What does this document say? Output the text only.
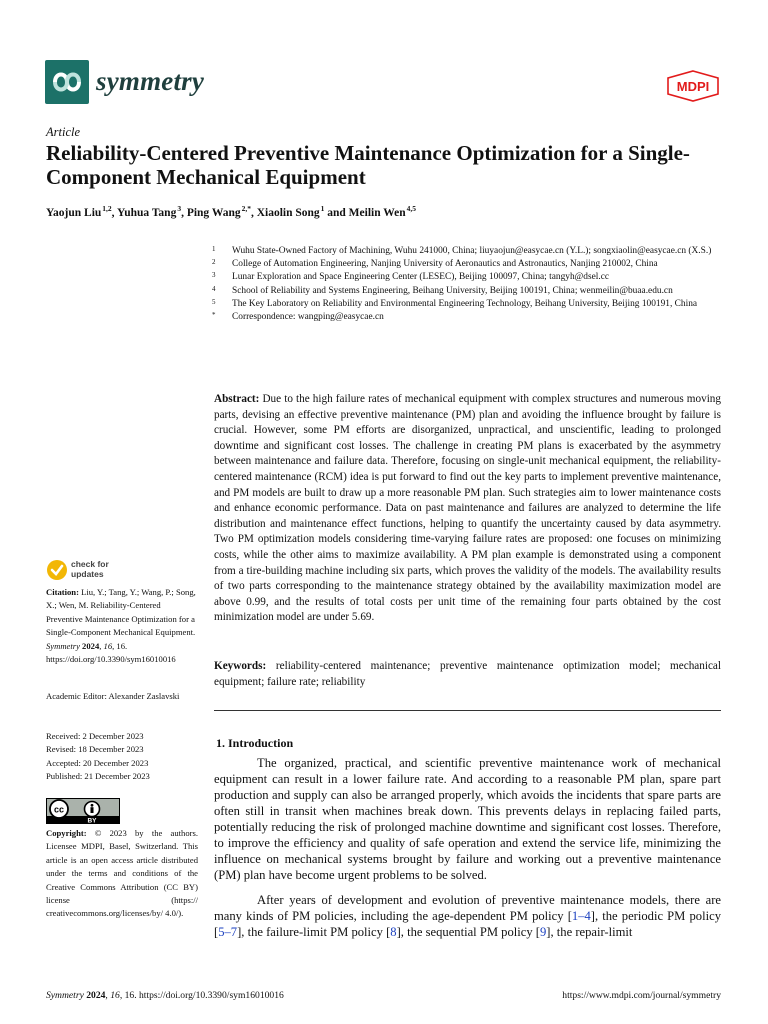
symmetry	MDPI
Article
Reliability-Centered Preventive Maintenance Optimization for a Single-Component Mechanical Equipment
Yaojun Liu $^{1,2}$, Yuhua Tang $^3$, Ping Wang $^{2,*}$, Xiaolin Song $^1$ and Meilin Wen $^{4,5}$
1	Wuhu State-Owned Factory of Machining, Wuhu 241000, China; liuyaojun@easycae.cn (Y.L.); songxiaolin@easycae.cn (X.S.)
2	College of Automation Engineering, Nanjing University of Aeronautics and Astronautics, Nanjing 210002, China
3	Lunar Exploration and Space Engineering Center (LESEC), Beijing 100097, China; tangyh@dsel.cc
4	School of Reliability and Systems Engineering, Beihang University, Beijing 100191, China; wenmeilin@buaa.edu.cn
5	The Key Laboratory on Reliability and Environmental Engineering Technology, Beihang University, Beijing 100191, China
*	Correspondence: wangping@easycae.cn
Abstract: Due to the high failure rates of mechanical equipment with complex structures and numerous moving parts, devising an effective preventive maintenance (PM) plan and avoiding the influence brought by failure is crucial. However, some PM efforts are disorganized, unpractical, and unscientific, leading to prolonged downtime and significant cost losses. The challenge in creating PM plans is exacerbated by the asymmetry between maintenance and failure data. Therefore, focusing on single-unit mechanical equipment, the reliability-centered maintenance (RCM) idea is put forward to find out the key parts to implement preventive maintenance, and PM models are built to draw up a more reasonable PM plan. Such strategies aim to lower maintenance costs and enhance economic performance. Data on past maintenance and failures are analyzed to determine the life distribution and maintenance effect functions, helping to quantify the uncertainty caused by data asymmetry. Two PM optimization models considering time-varying failure rates are proposed: one focuses on minimizing costs, while the other aims to maximize availability. A PM plan example is demonstrated using a component from a tire-building machine including six parts, which proves the validity of the models. The availability results of two parts corresponding to the maintenance strategy obtained by the availability maximization model are above 0.99, and the results of total costs per unit time of the remaining four parts obtained by the cost minimization model are under 5.69.
Keywords: reliability-centered maintenance; preventive maintenance optimization model; mechanical equipment; failure rate; reliability
check for
updates
Citation: Liu, Y.; Tang, Y.; Wang, P.; Song, X.; Wen, M. Reliability-Centered Preventive Maintenance Optimization for a Single-Component Mechanical Equipment. Symmetry 2024, 16, 16. https://doi.org/10.3390/sym16010016
Academic Editor: Alexander Zaslavski
Received: 2 December 2023
Revised: 18 December 2023
Accepted: 20 December 2023
Published: 21 December 2023
cc
BY
Copyright: © 2023 by the authors. Licensee MDPI, Basel, Switzerland. This article is an open access article distributed under the terms and conditions of the Creative Commons Attribution (CC BY) license (https:// creativecommons.org/licenses/by/ 4.0/).
1. Introduction
The organized, practical, and scientific preventive maintenance work of mechanical equipment can result in a lower failure rate. And according to a reasonable PM plan, spare part production and supply can also be arranged properly, which avoids the incidents that spare parts are often still in transit when machines break down. This prevents delays in replacing failed parts, potentially reducing the risk of prolonged machine downtime and significant cost losses. Therefore, to improve the efficiency and quality of safe operation and extend the service life, minimizing the influence on mechanical systems brought by failure and working out a preventive maintenance (PM) plan have become urgent problems to be solved.
After years of development and evolution of preventive maintenance models, there are many kinds of PM policies, including the age-dependent PM policy [1–4], the periodic PM policy [5–7], the failure-limit PM policy [8], the sequential PM policy [9], the repair-limit
Symmetry 2024, 16, 16. https://doi.org/10.3390/sym16010016	https://www.mdpi.com/journal/symmetry
